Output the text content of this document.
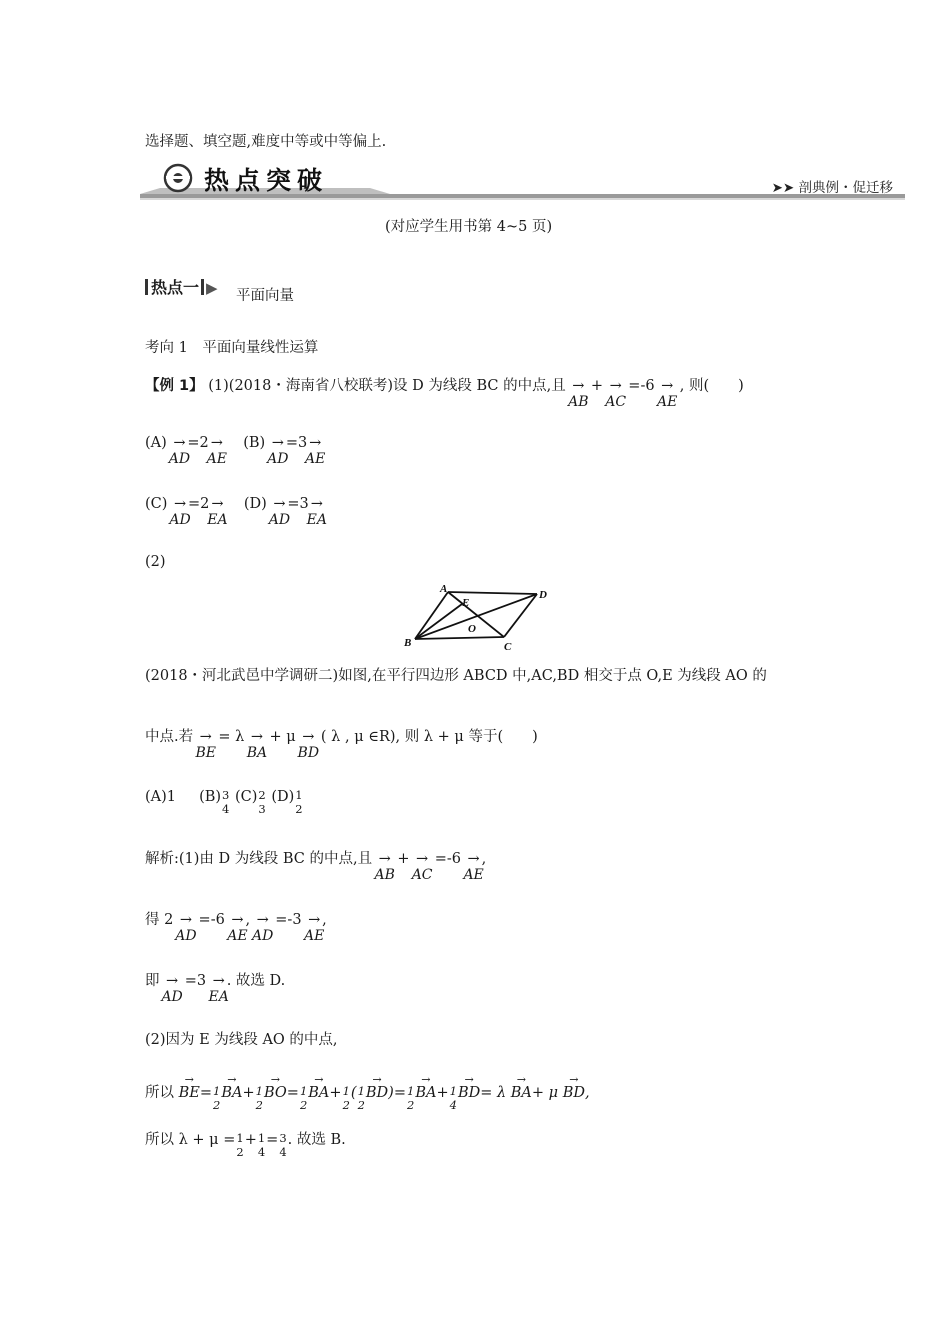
选择题、填空题,难度中等或中等偏上.
热点突破	➤➤ 剖典例・促迁移
(对应学生用书第 4~5 页)
热点一 ▶ 平面向量
考向 1　平面向量线性运算
【例 1】 (1)(2018・海南省八校联考)设 D 为线段 BC 的中点,且 →
AB
+ →
AC
=-6 →
AE
, 则(　　)
(A) →
AD
=2 →
AE
(B) →
AD
=3 →
AE
(C) →
AD
=2 →
EA
(D) →
AD
=3 →
EA
(2)
A
B	C
D
E
O
(2018・河北武邑中学调研二)如图,在平行四边形 ABCD 中,AC,BD 相交于点 O,E 为线段 AO 的
中点.若 →
BE
= λ →
BA
+ μ →
BD
( λ , μ ∈R), 则 λ + μ 等于(　　)
(A)1 (B) 3
4
(C) 2
3
(D) 1
2
解析:(1)由 D 为线段 BC 的中点,且 →
AB
+ →
AC
=-6 →
AE
,
得 2 →
AD
=-6 →
AE
, →
AD
=-3 →
AE
,
即 →
AD
=3 →
EA
. 故选 D.
(2)因为 E 为线段 AO 的中点,
所以
→
BE= 1
2
→
BA+ 1
2
→
BO= 1
2
→
BA+ 1
2
( 1
2
→
BD)= 1
2
→
BA+ 1
4
→
BD= λ
→
BA+ μ
→
BD,
所以 λ + μ = 1
2
+ 1
4
= 3
4
. 故选 B.
